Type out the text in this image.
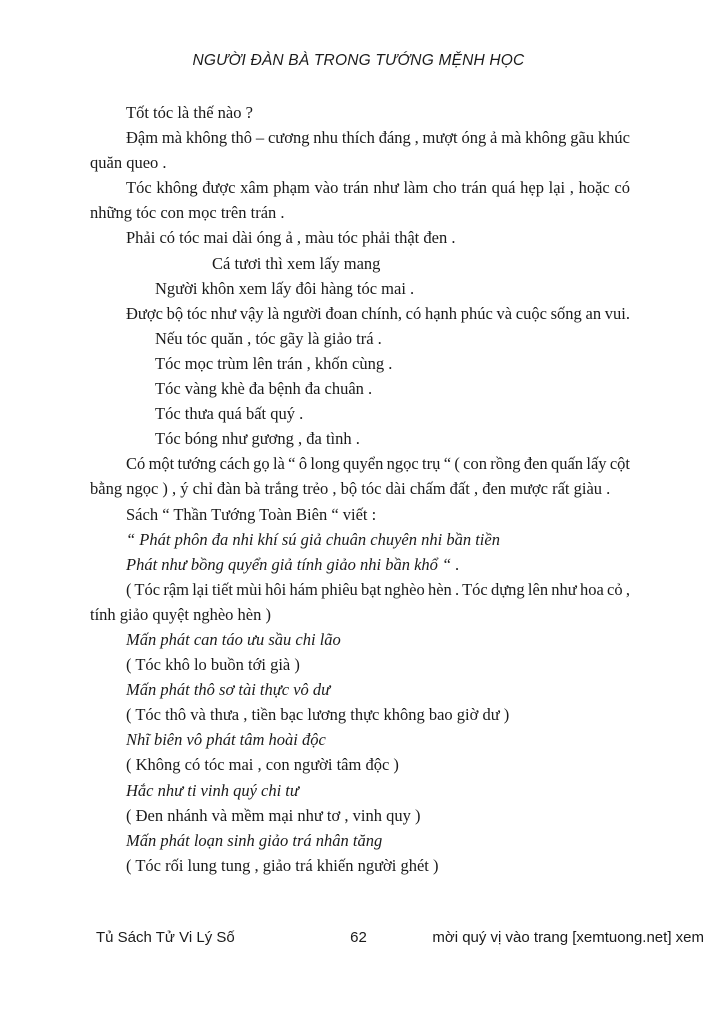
NGƯỜI ĐÀN BÀ TRONG TƯỚNG MỆNH HỌC
Tốt tóc là thế nào ?
Đậm mà không thô – cương nhu thích đáng , mượt óng ả mà không gãu khúc
quăn queo .
Tóc không được xâm phạm vào trán như làm cho trán quá hẹp lại , hoặc có
những tóc con mọc trên trán .
Phải có tóc mai dài óng ả , màu tóc phải thật đen .
Cá tươi thì xem lấy mang
Người khôn xem lấy đôi hàng tóc mai .
Được bộ tóc như vậy là người đoan chính, có hạnh phúc và cuộc sống an vui.
Nếu tóc quăn , tóc gãy là giảo trá .
Tóc mọc trùm lên trán , khốn cùng .
Tóc vàng khè đa bệnh đa chuân .
Tóc thưa quá bất quý .
Tóc bóng như gương , đa tình .
Có một tướng cách gọ là “ ô long quyển ngọc trụ “ ( con rồng đen quấn lấy cột
bằng ngọc ) , ý chỉ đàn bà trắng trẻo , bộ tóc dài chấm đất , đen mược rất giàu .
Sách “ Thần Tướng Toàn Biên “ viết :
“ Phát phôn đa nhi khí sú giả chuân chuyên nhi bần tiền
Phát như bồng quyển giả tính giảo nhi bần khổ “ .
( Tóc rậm lại tiết mùi hôi hám phiêu bạt nghèo hèn . Tóc dựng lên như hoa cỏ ,
tính giảo quyệt nghèo hèn )
Mấn phát can táo ưu sầu chi lão
( Tóc khô lo buồn tới già )
Mấn phát thô sơ tài thực vô dư
( Tóc thô và thưa , tiền bạc lương thực không bao giờ dư )
Nhĩ biên vô phát tâm hoài độc
( Không có tóc mai , con người tâm độc )
Hắc như ti vinh quý chi tư
( Đen nhánh và mềm mại như tơ , vinh quy )
Mấn phát loạn sinh giảo trá nhân tăng
( Tóc rối lung tung , giảo trá khiến người ghét )
Tủ Sách Tử Vi Lý Số	62	mời quý vị vào trang [xemtuong.net] xem
